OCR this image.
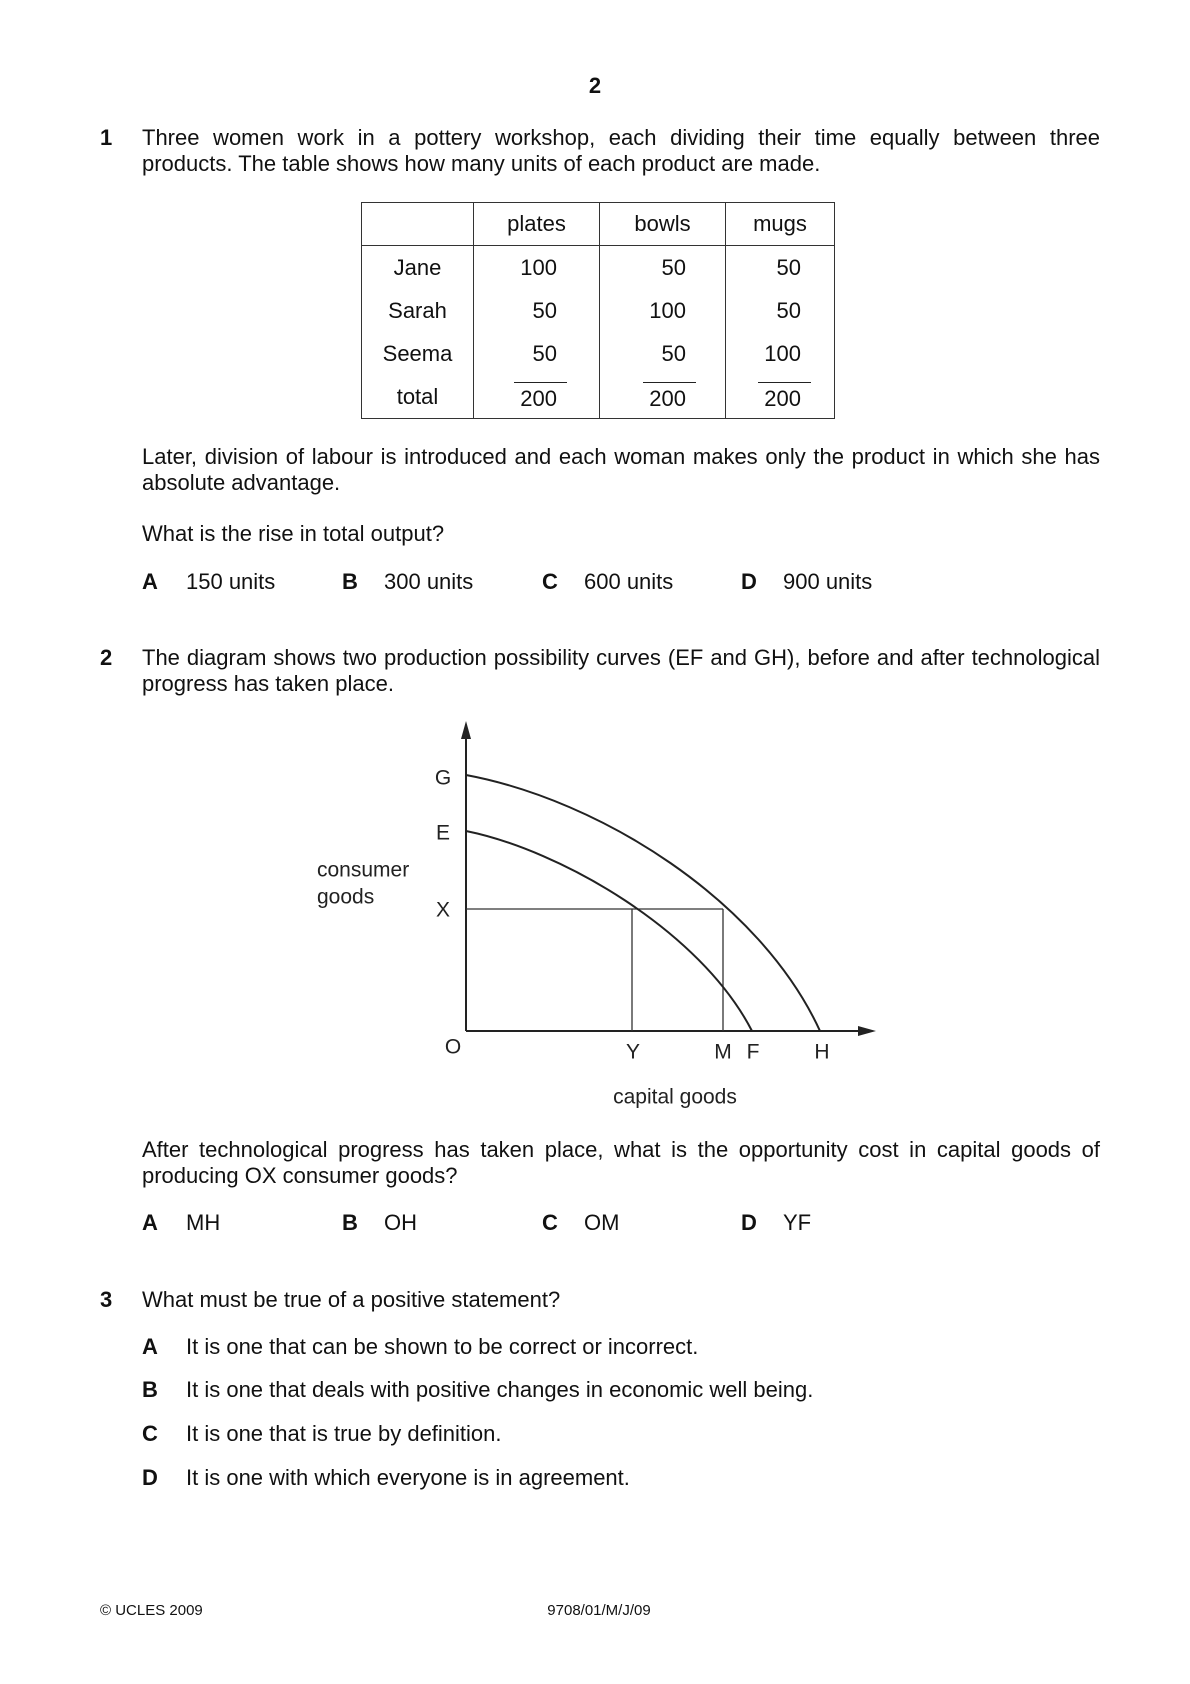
2
1 Three women work in a pottery workshop, each dividing their time equally between three
products. The table shows how many units of each product are made.
	plates	bowls	mugs
Jane	100	50	50
Sarah	50	100	50
Seema	50	50	100
total	200	200	200
Later, division of labour is introduced and each woman makes only the product in which she has
absolute advantage.
What is the rise in total output?
A 150 units	B 300 units	C 600 units	D 900 units
2 The diagram shows two production possibility curves (EF and GH), before and after technological
progress has taken place.
G
E
X
consumer
goods
O	Y	M F	H
capital goods
After technological progress has taken place, what is the opportunity cost in capital goods of
producing OX consumer goods?
A MH	B OH	C OM	D YF
3 What must be true of a positive statement?
A It is one that can be shown to be correct or incorrect.
B It is one that deals with positive changes in economic well being.
C It is one that is true by definition.
D It is one with which everyone is in agreement.
© UCLES 2009	9708/01/M/J/09
